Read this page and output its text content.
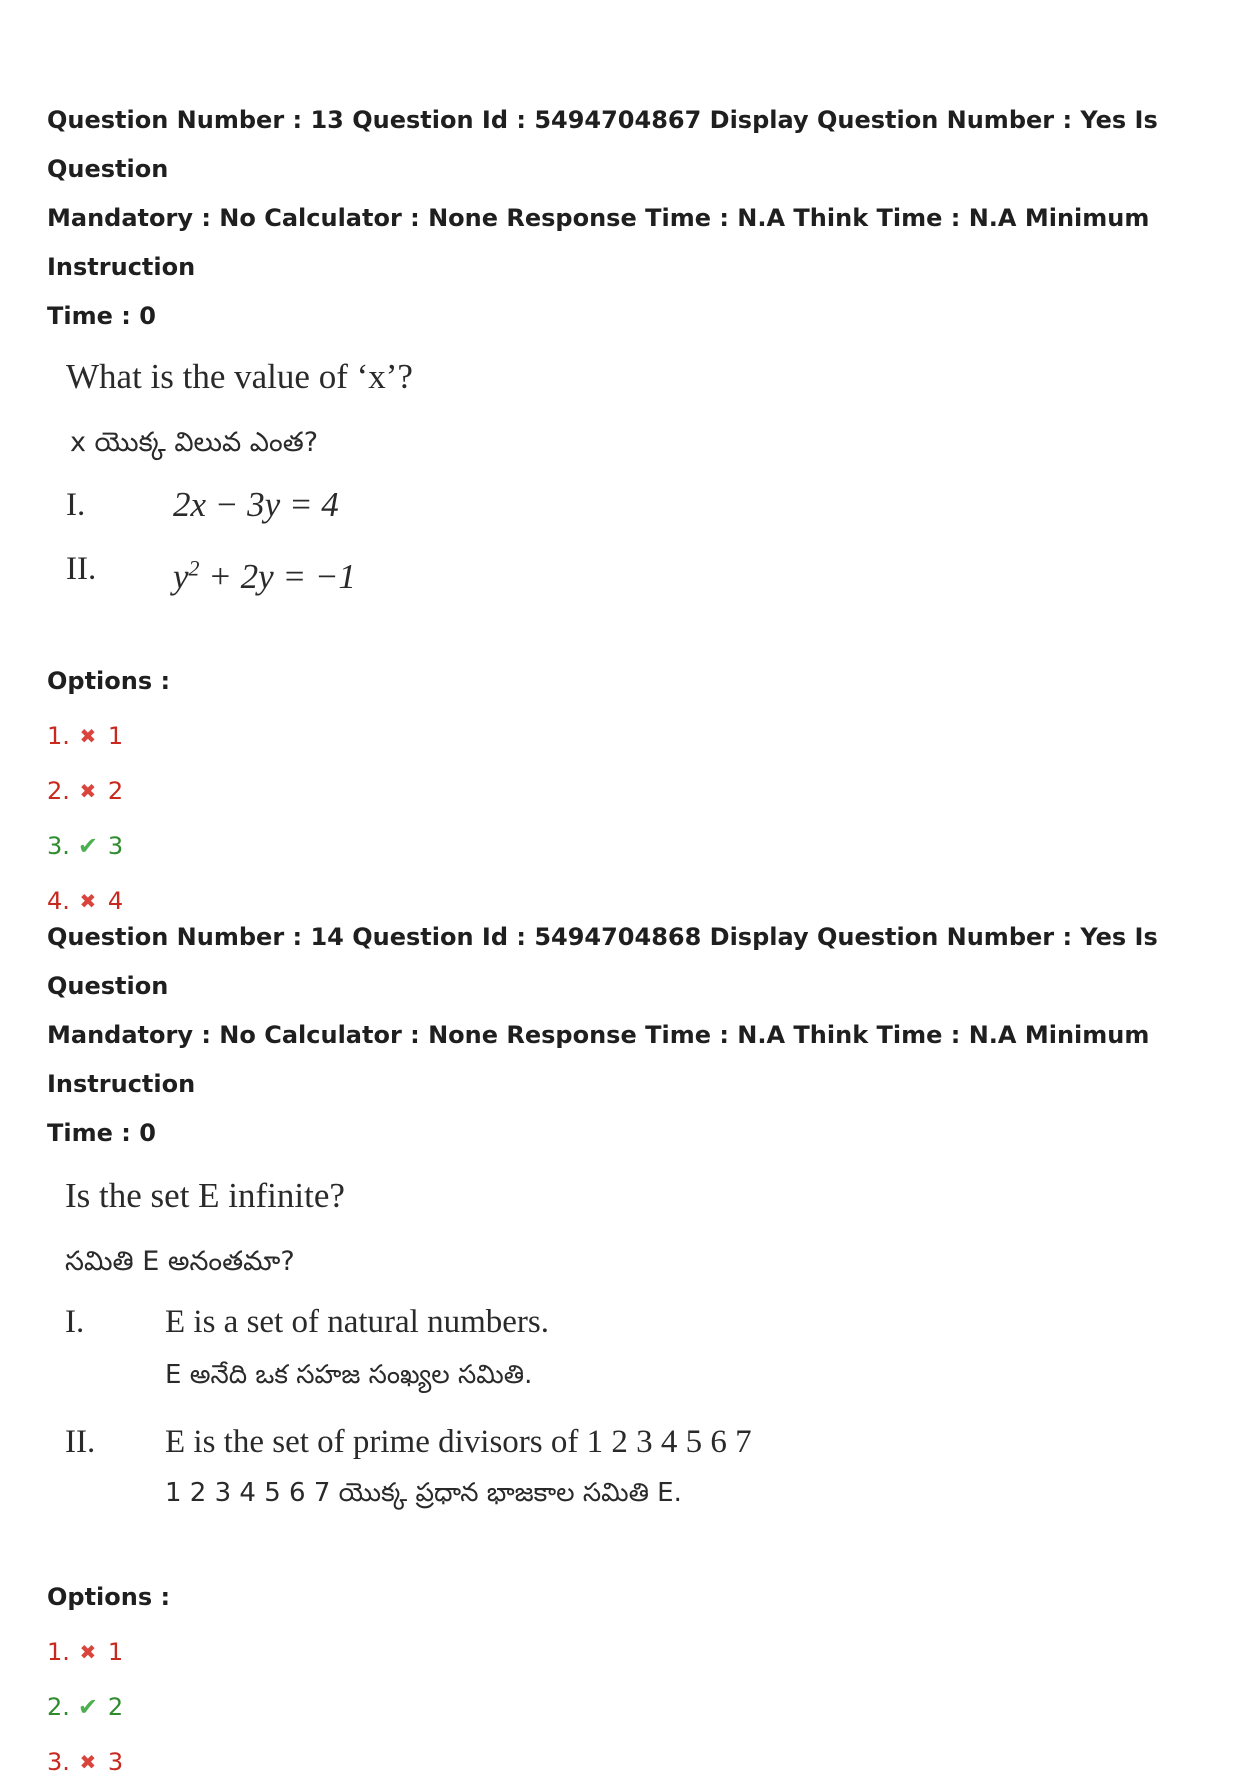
Question Number : 13 Question Id : 5494704867 Display Question Number : Yes Is Question
Mandatory : No Calculator : None Response Time : N.A Think Time : N.A Minimum Instruction
Time : 0

What is the value of ‘x’?
x యొక్క విలువ ఎంత?
I.	2x − 3y = 4
II. $y^2 + 2y = -1$

Options :

1. ✖ 1
2. ✖ 2
3. ✔ 3
4. ✖ 4

Question Number : 14 Question Id : 5494704868 Display Question Number : Yes Is Question
Mandatory : No Calculator : None Response Time : N.A Think Time : N.A Minimum Instruction
Time : 0

Is the set E infinite?
సమితి E అనంతమా?
I. E is a set of natural numbers.
E అనేది ఒక సహజ సంఖ్యల సమితి.
II. E is the set of prime divisors of 1 2 3 4 5 6 7
1 2 3 4 5 6 7 యొక్క ప్రధాన భాజకాల సమితి E.

Options :

1. ✖ 1
2. ✔ 2
3. ✖ 3
